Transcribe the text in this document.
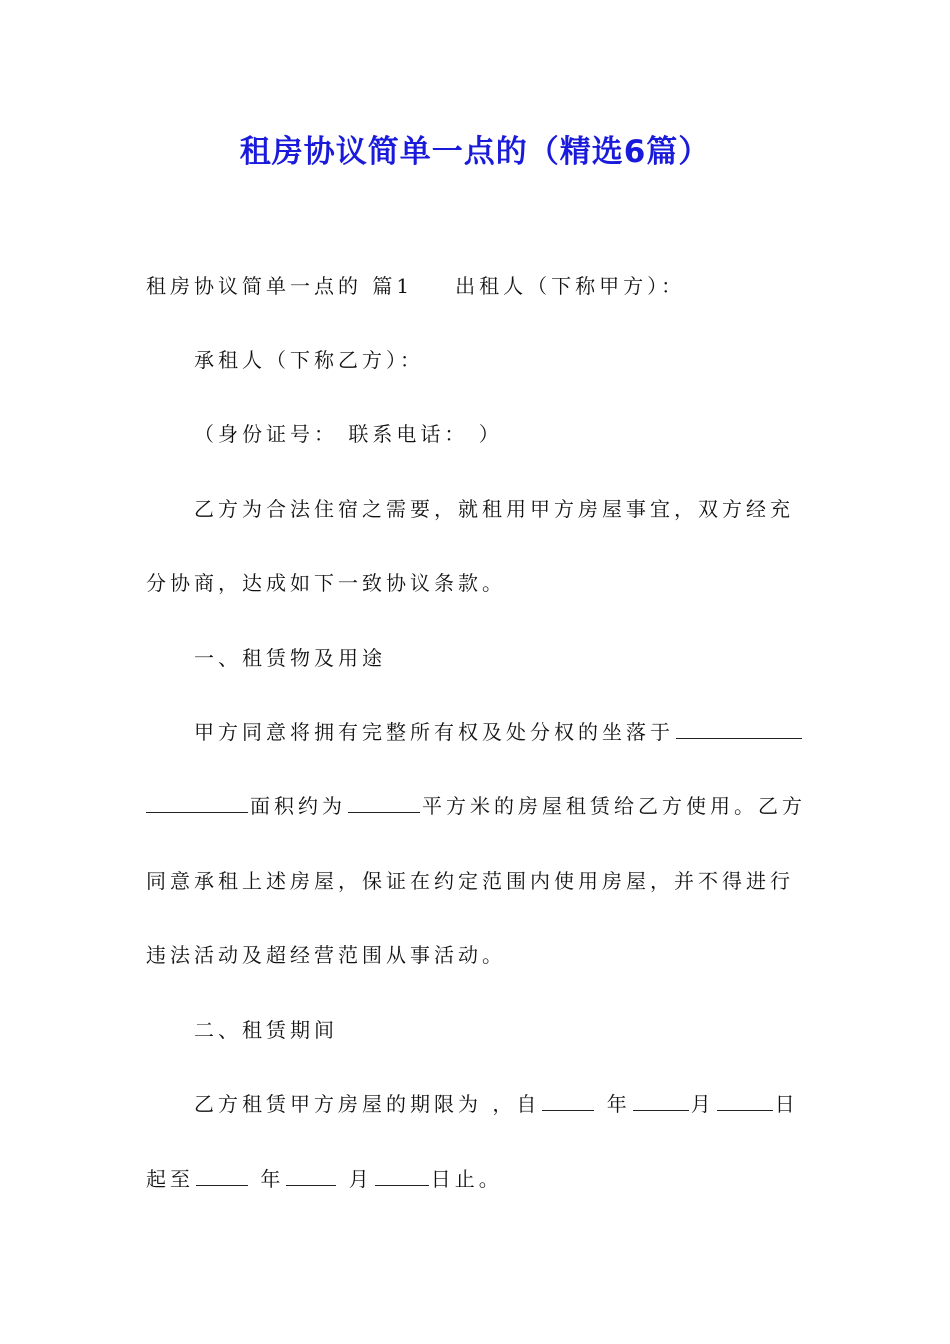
租房协议简单一点的（精选6篇）
租房协议简单一点的 篇1 出租人（下称甲方）：
承租人（下称乙方）：
（身份证号： 联系电话： ）
乙方为合法住宿之需要，就租用甲方房屋事宜，双方经充
分协商，达成如下一致协议条款。
一、租赁物及用途
甲方同意将拥有完整所有权及处分权的坐落于
面积约为	平方米的房屋租赁给乙方使用。乙方
同意承租上述房屋，保证在约定范围内使用房屋，并不得进行
违法活动及超经营范围从事活动。
二、租赁期间
乙方租赁甲方房屋的期限为 ，自	年	月	日
起至	年	月	日止。
